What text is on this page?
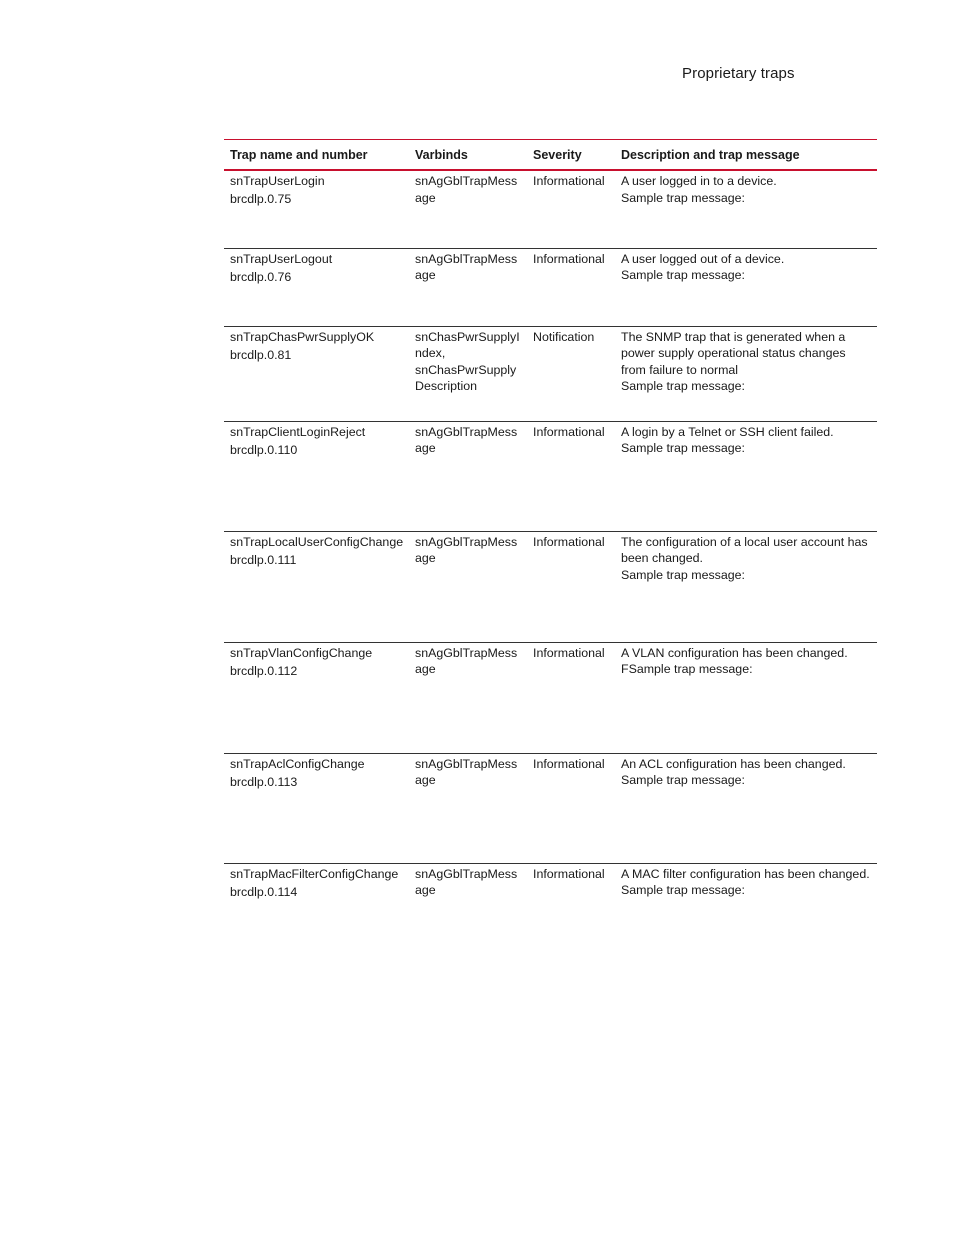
Proprietary traps
Trap name and number	Varbinds	Severity	Description and trap message

snTrapUserLogin
brcdlp.0.75	snAgGblTrapMessage	Informational	A user logged in to a device.
Sample trap message:

snTrapUserLogout
brcdlp.0.76	snAgGblTrapMessage	Informational	A user logged out of a device.
Sample trap message:

snTrapChasPwrSupplyOK
brcdlp.0.81	snChasPwrSupplyIndex, snChasPwrSupplyDescription	Notification	The SNMP trap that is generated when a power supply operational status changes from failure to normal
Sample trap message:

snTrapClientLoginReject
brcdlp.0.110	snAgGblTrapMessage	Informational	A login by a Telnet or SSH client failed.
Sample trap message:

snTrapLocalUserConfigChange
brcdlp.0.111	snAgGblTrapMessage	Informational	The configuration of a local user account has been changed.
Sample trap message:

snTrapVlanConfigChange
brcdlp.0.112	snAgGblTrapMessage	Informational	A VLAN configuration has been changed.
FSample trap message:

snTrapAclConfigChange
brcdlp.0.113	snAgGblTrapMessage	Informational	An ACL configuration has been changed.
Sample trap message:

snTrapMacFilterConfigChange
brcdlp.0.114	snAgGblTrapMessage	Informational	A MAC filter configuration has been changed.
Sample trap message:
